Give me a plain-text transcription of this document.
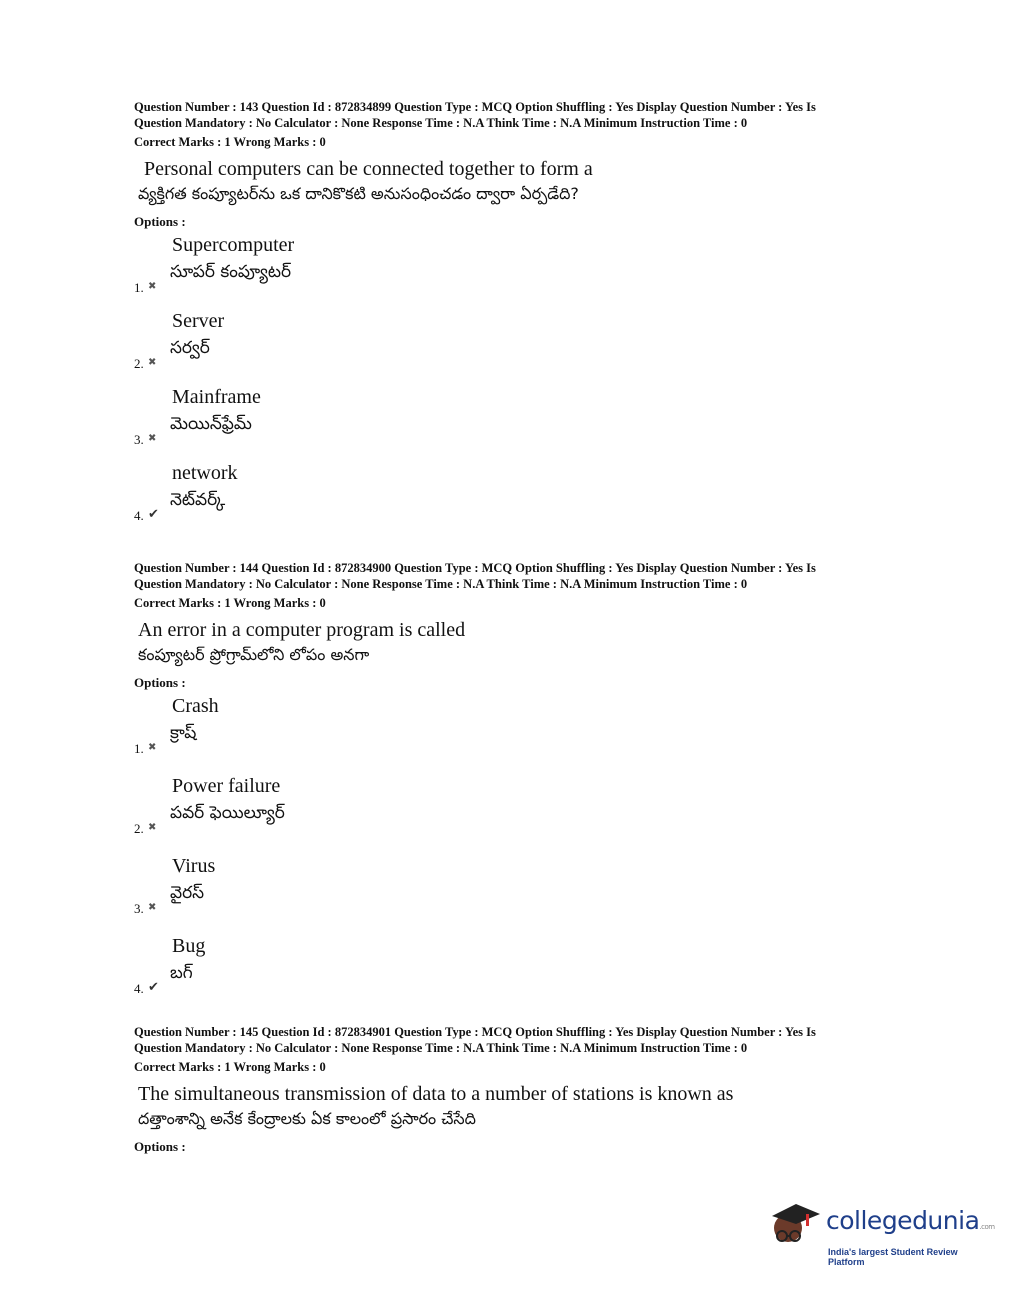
Question Number : 143 Question Id : 872834899 Question Type : MCQ Option Shuffling : Yes Display Question Number : Yes Is

Question Mandatory : No Calculator : None Response Time : N.A Think Time : N.A Minimum Instruction Time : 0

Correct Marks : 1 Wrong Marks : 0

Personal computers can be connected together to form a
వ్యక్తిగత కంప్యూటర్‌ను ఒక దానికొకటి అనుసంధించడం ద్వారా ఏర్పడేది?
Options :
Supercomputer
సూపర్ కంప్యూటర్
1. ✖
Server
సర్వర్
2. ✖
Mainframe
మెయిన్‌ఫ్రేమ్
3. ✖
network
నెట్‌వర్క్
4. ✔

Question Number : 144 Question Id : 872834900 Question Type : MCQ Option Shuffling : Yes Display Question Number : Yes Is

Question Mandatory : No Calculator : None Response Time : N.A Think Time : N.A Minimum Instruction Time : 0

Correct Marks : 1 Wrong Marks : 0

An error in a computer program is called
కంప్యూటర్ ప్రోగ్రామ్‌లోని లోపం అనగా
Options :
Crash
క్రాష్
1. ✖
Power failure
పవర్ ఫెయిల్యూర్
2. ✖
Virus
వైరస్
3. ✖
Bug
బగ్
4. ✔

Question Number : 145 Question Id : 872834901 Question Type : MCQ Option Shuffling : Yes Display Question Number : Yes Is

Question Mandatory : No Calculator : None Response Time : N.A Think Time : N.A Minimum Instruction Time : 0

Correct Marks : 1 Wrong Marks : 0

The simultaneous transmission of data to a number of stations is known as
దత్తాంశాన్ని అనేక కేంద్రాలకు ఏక కాలంలో ప్రసారం చేసేది
Options :
collegedunia.com
India's largest Student Review Platform
